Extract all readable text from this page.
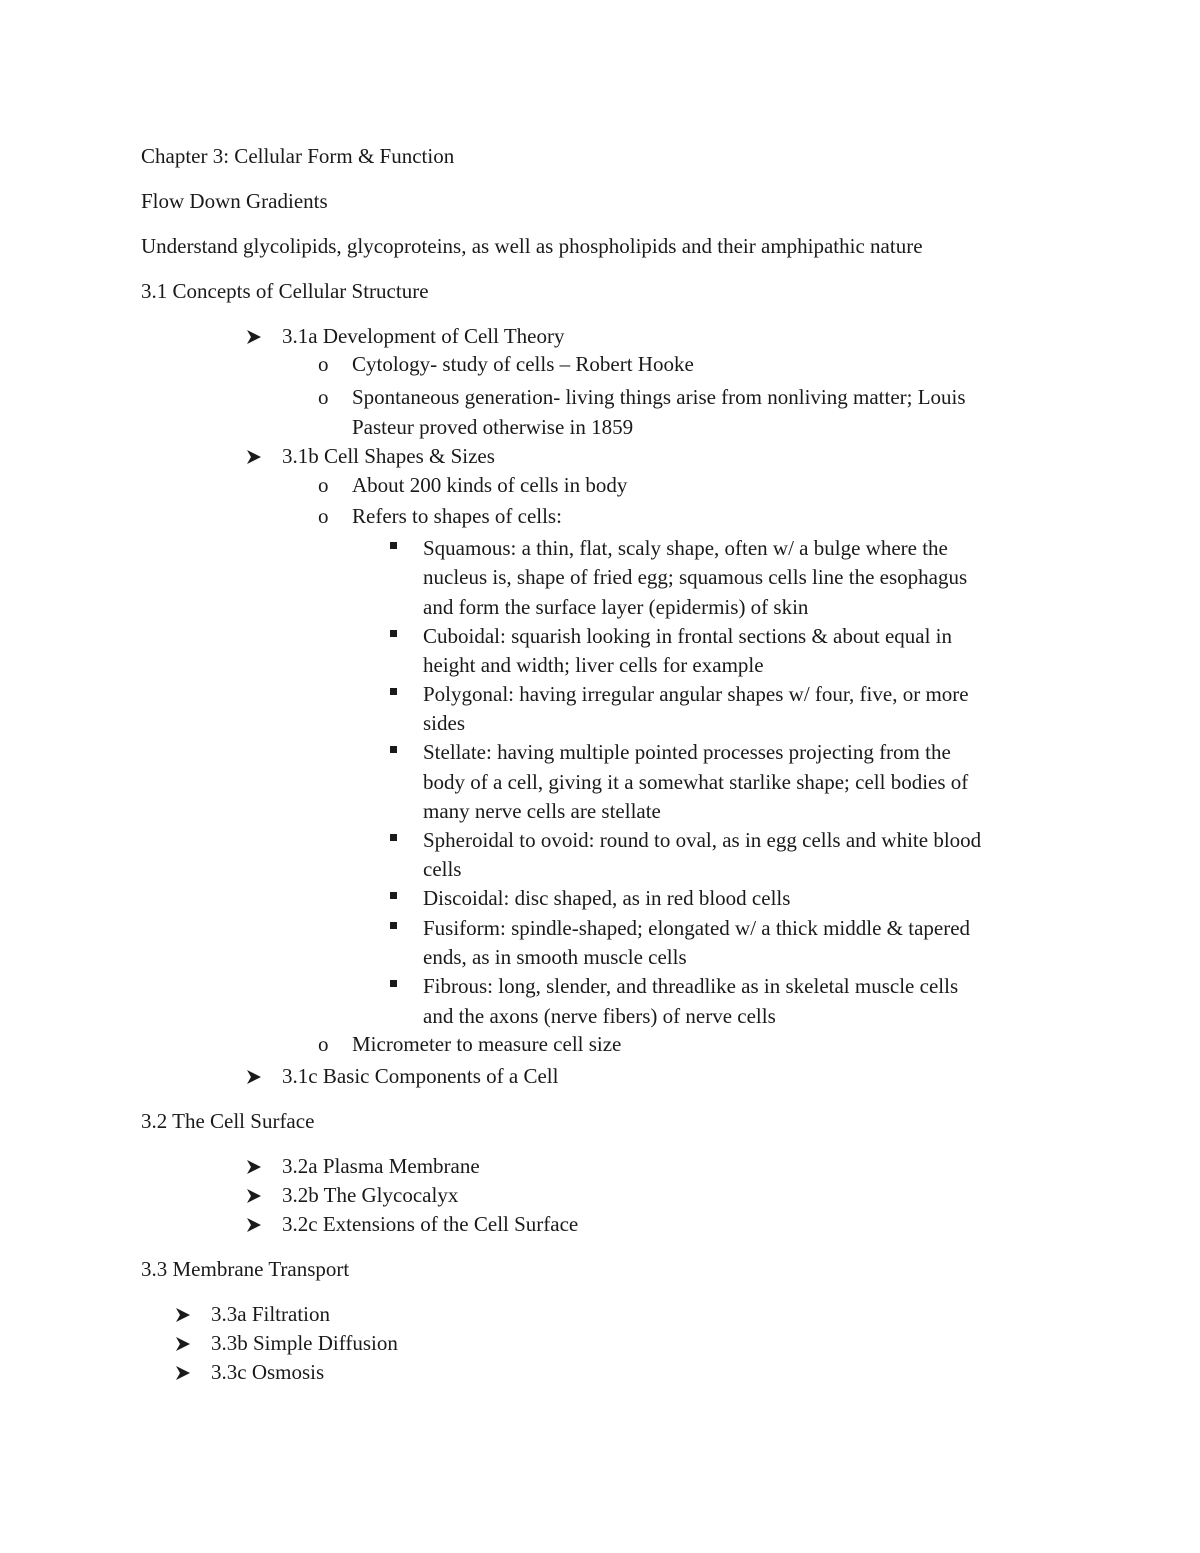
Chapter 3: Cellular Form & Function
Flow Down Gradients
Understand glycolipids, glycoproteins, as well as phospholipids and their amphipathic nature
3.1 Concepts of Cellular Structure
3.1a Development of Cell Theory
o Cytology- study of cells – Robert Hooke
o Spontaneous generation- living things arise from nonliving matter; Louis
Pasteur proved otherwise in 1859
3.1b Cell Shapes & Sizes
o About 200 kinds of cells in body
o Refers to shapes of cells:
Squamous: a thin, flat, scaly shape, often w/ a bulge where the
nucleus is, shape of fried egg; squamous cells line the esophagus
and form the surface layer (epidermis) of skin
Cuboidal: squarish looking in frontal sections & about equal in
height and width; liver cells for example
Polygonal: having irregular angular shapes w/ four, five, or more
sides
Stellate: having multiple pointed processes projecting from the
body of a cell, giving it a somewhat starlike shape; cell bodies of
many nerve cells are stellate
Spheroidal to ovoid: round to oval, as in egg cells and white blood
cells
Discoidal: disc shaped, as in red blood cells
Fusiform: spindle-shaped; elongated w/ a thick middle & tapered
ends, as in smooth muscle cells
Fibrous: long, slender, and threadlike as in skeletal muscle cells
and the axons (nerve fibers) of nerve cells
o Micrometer to measure cell size
3.1c Basic Components of a Cell
3.2 The Cell Surface
3.2a Plasma Membrane
3.2b The Glycocalyx
3.2c Extensions of the Cell Surface
3.3 Membrane Transport
3.3a Filtration
3.3b Simple Diffusion
3.3c Osmosis
